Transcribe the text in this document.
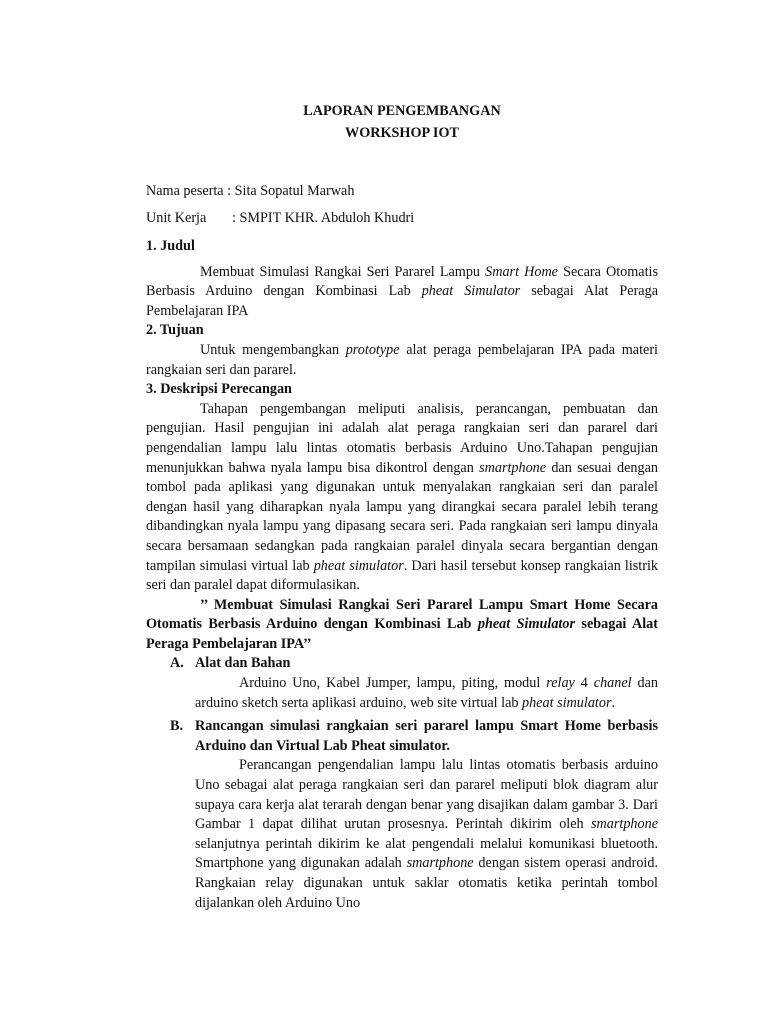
LAPORAN PENGEMBANGAN

WORKSHOP IOT

Nama peserta : Sita Sopatul Marwah
Unit Kerja	: SMPIT KHR. Abduloh Khudri

1. Judul

Membuat Simulasi Rangkai Seri Pararel Lampu Smart Home Secara Otomatis Berbasis Arduino dengan Kombinasi Lab pheat Simulator sebagai Alat Peraga Pembelajaran IPA

2. Tujuan

Untuk mengembangkan prototype alat peraga pembelajaran IPA pada materi rangkaian seri dan pararel.

3. Deskripsi Perecangan

Tahapan pengembangan meliputi analisis, perancangan, pembuatan dan pengujian. Hasil pengujian ini adalah alat peraga rangkaian seri dan pararel dari pengendalian lampu lalu lintas otomatis berbasis Arduino Uno.Tahapan pengujian menunjukkan bahwa nyala lampu bisa dikontrol dengan smartphone dan sesuai dengan tombol pada aplikasi yang digunakan untuk menyalakan rangkaian seri dan paralel dengan hasil yang diharapkan nyala lampu yang dirangkai secara paralel lebih terang dibandingkan nyala lampu yang dipasang secara seri. Pada rangkaian seri lampu dinyala secara bersamaan sedangkan pada rangkaian paralel dinyala secara bergantian dengan tampilan simulasi virtual lab pheat simulator. Dari hasil tersebut konsep rangkaian listrik seri dan paralel dapat diformulasikan.

’’ Membuat Simulasi Rangkai Seri Pararel Lampu Smart Home Secara Otomatis Berbasis Arduino dengan Kombinasi Lab pheat Simulator sebagai Alat Peraga Pembelajaran IPA’’

A. Alat dan Bahan

Arduino Uno, Kabel Jumper, lampu, piting, modul relay 4 chanel dan arduino sketch serta aplikasi arduino, web site virtual lab pheat simulator.

B. Rancangan simulasi rangkaian seri pararel lampu Smart Home berbasis Arduino dan Virtual Lab Pheat simulator.

Perancangan pengendalian lampu lalu lintas otomatis berbasis arduino Uno sebagai alat peraga rangkaian seri dan pararel meliputi blok diagram alur supaya cara kerja alat terarah dengan benar yang disajikan dalam gambar 3. Dari Gambar 1 dapat dilihat urutan prosesnya. Perintah dikirim oleh smartphone selanjutnya perintah dikirim ke alat pengendali melalui komunikasi bluetooth. Smartphone yang digunakan adalah smartphone dengan sistem operasi android. Rangkaian relay digunakan untuk saklar otomatis ketika perintah tombol dijalankan oleh Arduino Uno
